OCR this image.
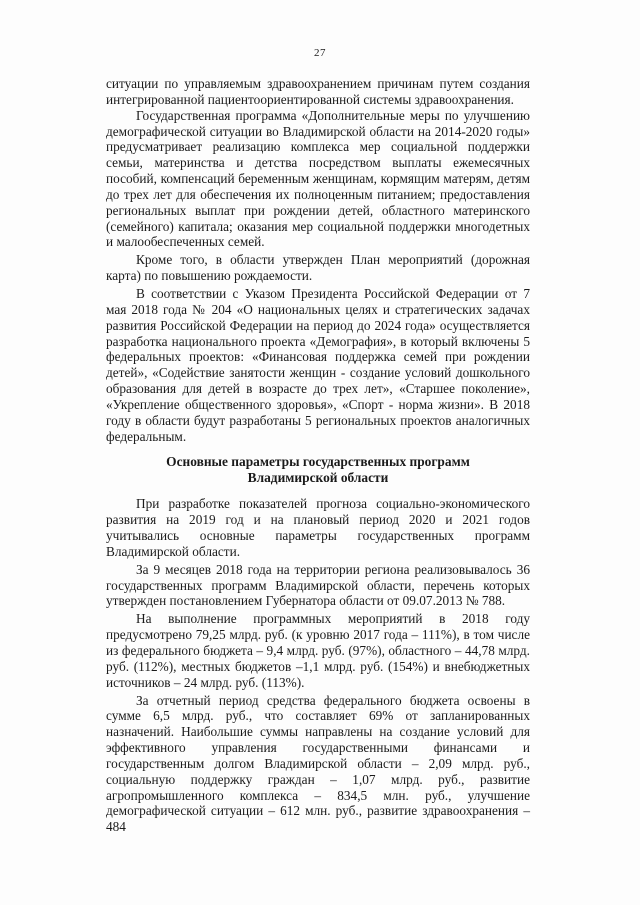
27

ситуации по управляемым здравоохранением причинам путем создания интегрированной пациентоориентированной системы здравоохранения.

Государственная программа «Дополнительные меры по улучшению демографической ситуации во Владимирской области на 2014-2020 годы» предусматривает реализацию комплекса мер социальной поддержки семьи, материнства и детства посредством выплаты ежемесячных пособий, компенсаций беременным женщинам, кормящим матерям, детям до трех лет для обеспечения их полноценным питанием; предоставления региональных выплат при рождении детей, областного материнского (семейного) капитала; оказания мер социальной поддержки многодетных и малообеспеченных семей.

Кроме того, в области утвержден План мероприятий (дорожная карта) по повышению рождаемости.

В соответствии с Указом Президента Российской Федерации от 7 мая 2018 года № 204 «О национальных целях и стратегических задачах развития Российской Федерации на период до 2024 года» осуществляется разработка национального проекта «Демография», в который включены 5 федеральных проектов: «Финансовая поддержка семей при рождении детей», «Содействие занятости женщин - создание условий дошкольного образования для детей в возрасте до трех лет», «Старшее поколение», «Укрепление общественного здоровья», «Спорт - норма жизни». В 2018 году в области будут разработаны 5 региональных проектов аналогичных федеральным.

Основные параметры государственных программ
Владимирской области

При разработке показателей прогноза социально-экономического развития на 2019 год и на плановый период 2020 и 2021 годов учитывались основные параметры государственных программ Владимирской области.

За 9 месяцев 2018 года на территории региона реализовывалось 36 государственных программ Владимирской области, перечень которых утвержден постановлением Губернатора области от 09.07.2013 № 788.

На выполнение программных мероприятий в 2018 году предусмотрено 79,25 млрд. руб. (к уровню 2017 года – 111%), в том числе из федерального бюджета – 9,4 млрд. руб. (97%), областного – 44,78 млрд. руб. (112%), местных бюджетов –1,1 млрд. руб. (154%) и внебюджетных источников – 24 млрд. руб. (113%).

За отчетный период средства федерального бюджета освоены в сумме 6,5 млрд. руб., что составляет 69% от запланированных назначений. Наибольшие суммы направлены на создание условий для эффективного управления государственными финансами и государственным долгом Владимирской области – 2,09 млрд. руб., социальную поддержку граждан – 1,07 млрд. руб., развитие агропромышленного комплекса – 834,5 млн. руб., улучшение демографической ситуации – 612 млн. руб., развитие здравоохранения – 484
